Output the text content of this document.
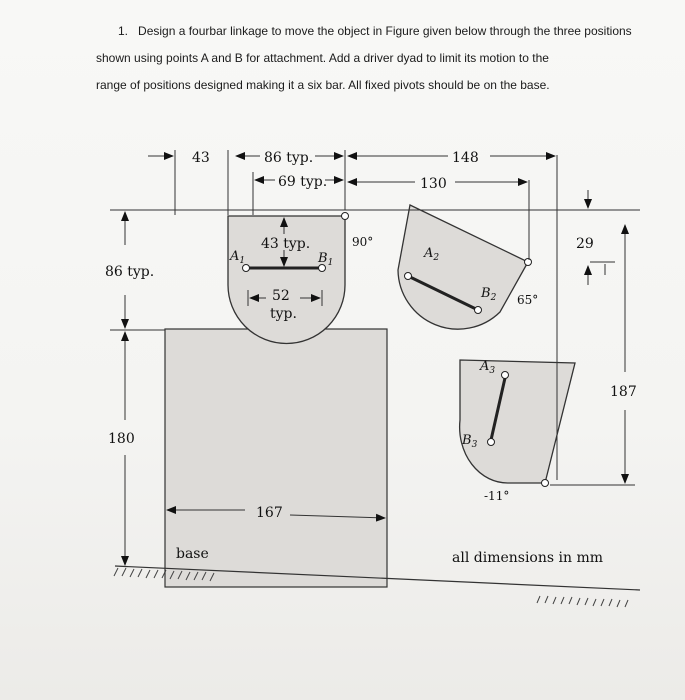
1. Design a fourbar linkage to move the object in Figure given below through the three positions
shown using points A and B for attachment. Add a driver dyad to limit its motion to the
range of positions designed making it a six bar. All fixed pivots should be on the base.
43	86 typ.
69 typ.
148
130
43 typ.
52
typ.
86 typ.
180
167
29
187
90°
65°
-11°
$A_1$	$B_1$
$A_2$
$B_2$
$A_3$
$B_3$
base	all dimensions in mm
